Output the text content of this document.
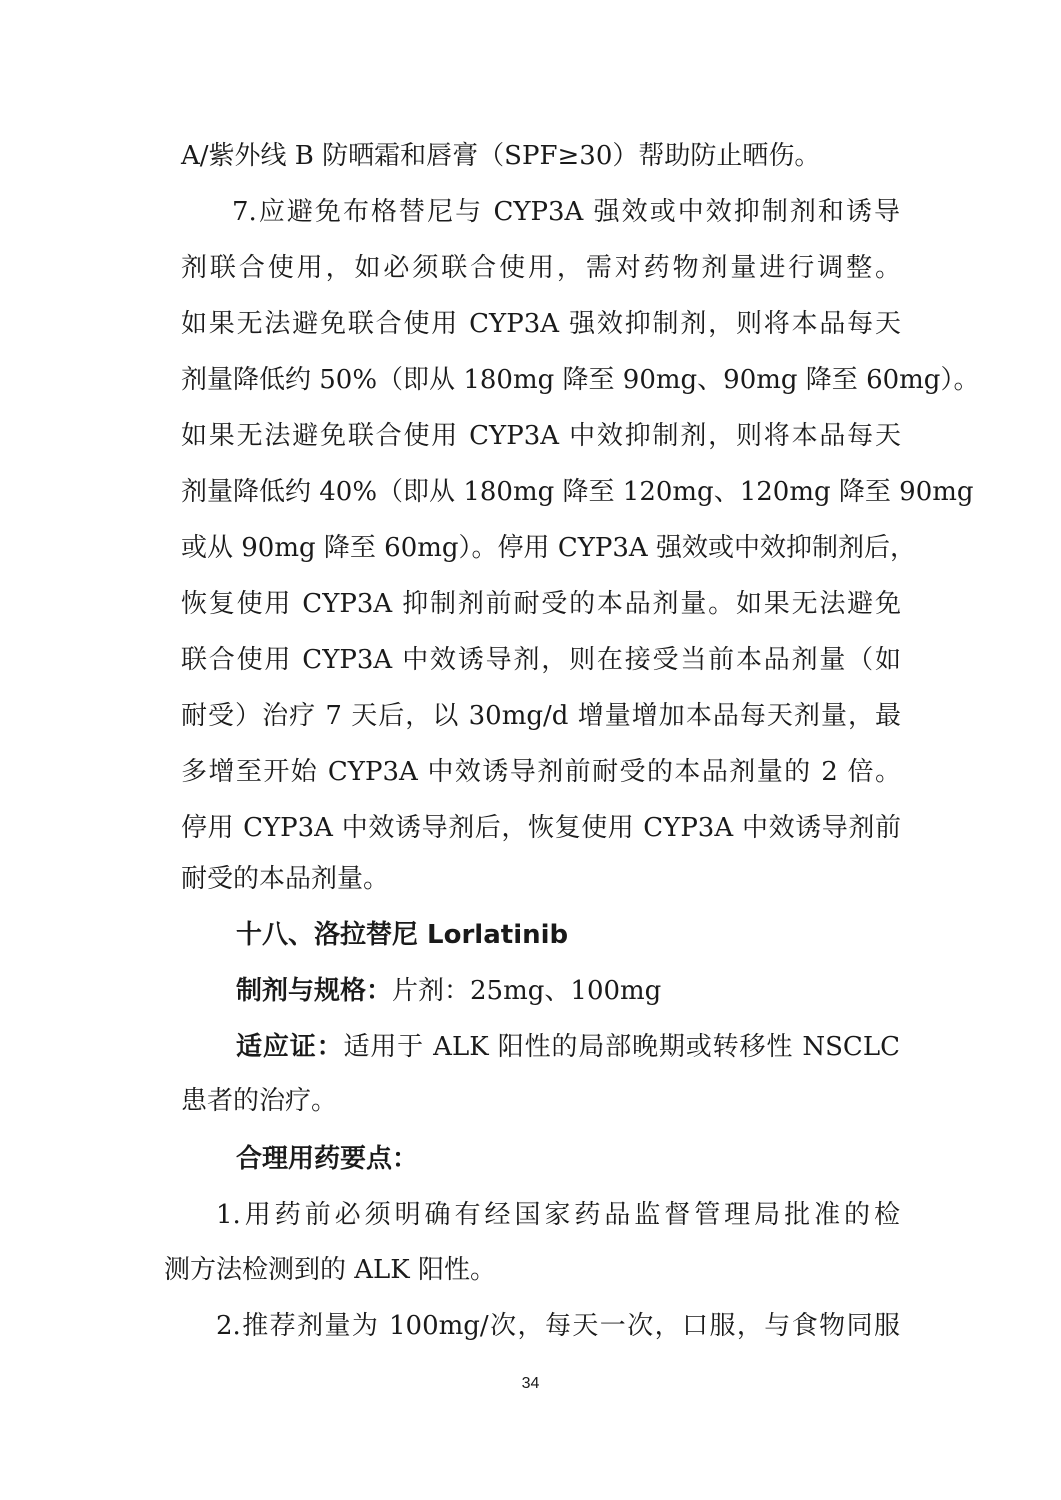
A/紫外线 B 防晒霜和唇膏（SPF≥30）帮助防止晒伤。
7.应避免布格替尼与 CYP3A 强效或中效抑制剂和诱导
剂联合使用，如必须联合使用，需对药物剂量进行调整。
如果无法避免联合使用 CYP3A 强效抑制剂，则将本品每天
剂量降低约 50%（即从 180mg 降至 90mg、90mg 降至 60mg）。
如果无法避免联合使用 CYP3A 中效抑制剂，则将本品每天
剂量降低约 40%（即从 180mg 降至 120mg、120mg 降至 90mg
或从 90mg 降至 60mg）。停用 CYP3A 强效或中效抑制剂后，
恢复使用 CYP3A 抑制剂前耐受的本品剂量。如果无法避免
联合使用 CYP3A 中效诱导剂，则在接受当前本品剂量（如
耐受）治疗 7 天后，以 30mg/d 增量增加本品每天剂量，最
多增至开始 CYP3A 中效诱导剂前耐受的本品剂量的 2 倍。
停用 CYP3A 中效诱导剂后，恢复使用 CYP3A 中效诱导剂前
耐受的本品剂量。
十八、洛拉替尼 Lorlatinib
制剂与规格：片剂：25mg、100mg
适应证：适用于 ALK 阳性的局部晚期或转移性 NSCLC
患者的治疗。
合理用药要点：
1.用药前必须明确有经国家药品监督管理局批准的检
测方法检测到的 ALK 阳性。
2.推荐剂量为 100mg/次，每天一次，口服，与食物同服
34
